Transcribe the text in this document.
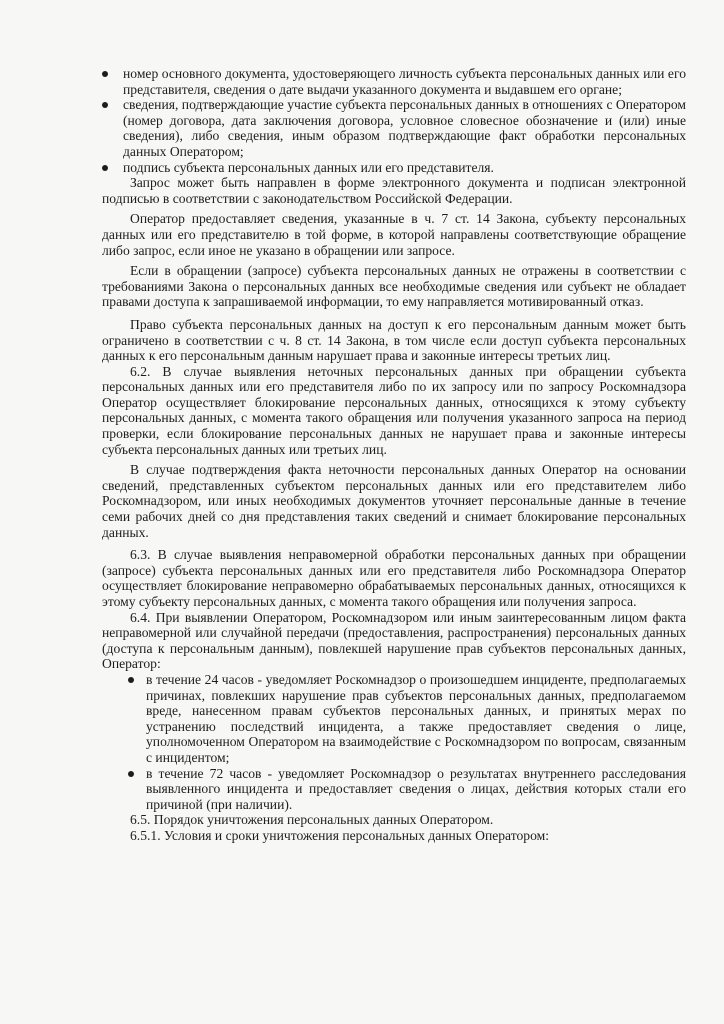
номер основного документа, удостоверяющего личность субъекта персональных данных или его представителя, сведения о дате выдачи указанного документа и выдавшем его органе;
сведения, подтверждающие участие субъекта персональных данных в отношениях с Оператором (номер договора, дата заключения договора, условное словесное обозначение и (или) иные сведения), либо сведения, иным образом подтверждающие факт обработки персональных данных Оператором;
подпись субъекта персональных данных или его представителя.

Запрос может быть направлен в форме электронного документа и подписан электронной подписью в соответствии с законодательством Российской Федерации.

Оператор предоставляет сведения, указанные в ч. 7 ст. 14 Закона, субъекту персональных данных или его представителю в той форме, в которой направлены соответствующие обращение либо запрос, если иное не указано в обращении или запросе.

Если в обращении (запросе) субъекта персональных данных не отражены в соответствии с требованиями Закона о персональных данных все необходимые сведения или субъект не обладает правами доступа к запрашиваемой информации, то ему направляется мотивированный отказ.

Право субъекта персональных данных на доступ к его персональным данным может быть ограничено в соответствии с ч. 8 ст. 14 Закона, в том числе если доступ субъекта персональных данных к его персональным данным нарушает права и законные интересы третьих лиц.

6.2. В случае выявления неточных персональных данных при обращении субъекта персональных данных или его представителя либо по их запросу или по запросу Роскомнадзора Оператор осуществляет блокирование персональных данных, относящихся к этому субъекту персональных данных, с момента такого обращения или получения указанного запроса на период проверки, если блокирование персональных данных не нарушает права и законные интересы субъекта персональных данных или третьих лиц.

В случае подтверждения факта неточности персональных данных Оператор на основании сведений, представленных субъектом персональных данных или его представителем либо Роскомнадзором, или иных необходимых документов уточняет персональные данные в течение семи рабочих дней со дня представления таких сведений и снимает блокирование персональных данных.

6.3. В случае выявления неправомерной обработки персональных данных при обращении (запросе) субъекта персональных данных или его представителя либо Роскомнадзора Оператор осуществляет блокирование неправомерно обрабатываемых персональных данных, относящихся к этому субъекту персональных данных, с момента такого обращения или получения запроса.

6.4. При выявлении Оператором, Роскомнадзором или иным заинтересованным лицом факта неправомерной или случайной передачи (предоставления, распространения) персональных данных (доступа к персональным данным), повлекшей нарушение прав субъектов персональных данных, Оператор:

в течение 24 часов - уведомляет Роскомнадзор о произошедшем инциденте, предполагаемых причинах, повлекших нарушение прав субъектов персональных данных, предполагаемом вреде, нанесенном правам субъектов персональных данных, и принятых мерах по устранению последствий инцидента, а также предоставляет сведения о лице, уполномоченном Оператором на взаимодействие с Роскомнадзором по вопросам, связанным с инцидентом;
в течение 72 часов - уведомляет Роскомнадзор о результатах внутреннего расследования выявленного инцидента и предоставляет сведения о лицах, действия которых стали его причиной (при наличии).

6.5. Порядок уничтожения персональных данных Оператором.

6.5.1. Условия и сроки уничтожения персональных данных Оператором:
